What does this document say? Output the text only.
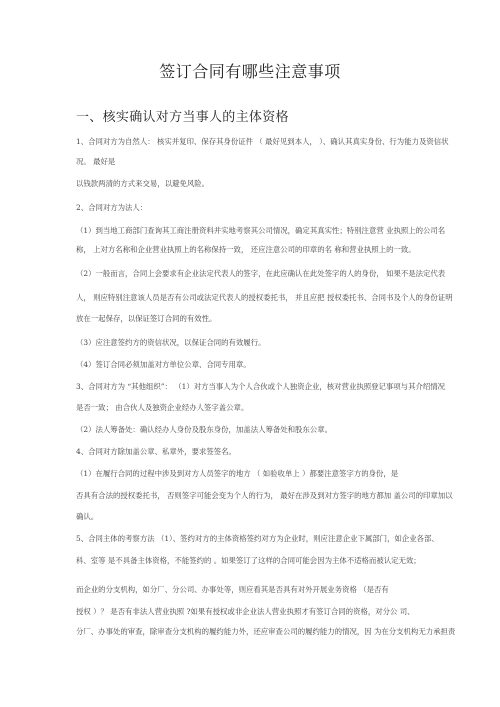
签订合同有哪些注意事项
一、核实确认对方当事人的主体资格
1、合同对方为自然人： 核实并复印、保存其身份证件 （ 最好见到本人， ）、确认其真实身份、行为能力及资信状
况。 最好是
以钱款两清的方式来交易，以避免风险。
2、合同对方为法人：
（1）到当地工商部门查询其工商注册资料并实地考察其公司情况，确定其真实性；特别注意营 业执照上的公司名
称， 上对方名称和企业营业执照上的名称保持一致， 还应注意公司的印章的名 称和营业执照上的一致。
（2）一般而言，合同上会要求有企业法定代表人的签字，在此应确认在此处签字的人的身份， 如果不是法定代表
人， 则应特别注意该人员是否有公司或法定代表人的授权委托书， 并且应把 授权委托书、合同书及个人的身份证明
放在一起保存，以保证签订合同的有效性。
（3）应注意签约方的资信状况，以保证合同的有效履行。
（4）签订合同必须加盖对方单位公章、合同专用章。
3、合同对方为 “其他组织”： （1）对方当事人为个人合伙或个人独资企业，核对营业执照登记事项与其介绍情况
是否一致； 由合伙人及独资企业经办人签字盖公章。
（2）法人筹备处：确认经办人身份及股东身份，加盖法人筹备处和股东公章。
4、合同对方除加盖公章、私章外，要求签签名。
（1）在履行合同的过程中涉及到对方人员签字的地方 （ 如验收单上 ）都要注意签字方的身份，是
否具有合法的授权委托书， 否则签字可能会变为个人的行为， 最好在涉及到对方签字的地方都加 盖公司的印章加以
确认。
5、合同主体的考察方法 （1）、签约对方的主体资格签约对方为企业时，则应注意企业下属部门，如企业各部、
科、室等 是不具备主体资格，不能签约的 。如果签订了这样的合同可能会因为主体不适格而被认定无效；
而企业的分支机构，如分厂、分公司、办事处等，则应看其是否具有对外开展业务资格 （是否有
授权 ）？ 是否有非法人营业执照 ?如果有授权或非企业法人营业执照才有签订合同的资格，对分公 司、
分厂、办事处的审查，除审查分支机构的履约能力外，还应审查公司的履约能力的情况，因 为在分支机构无力承担责
